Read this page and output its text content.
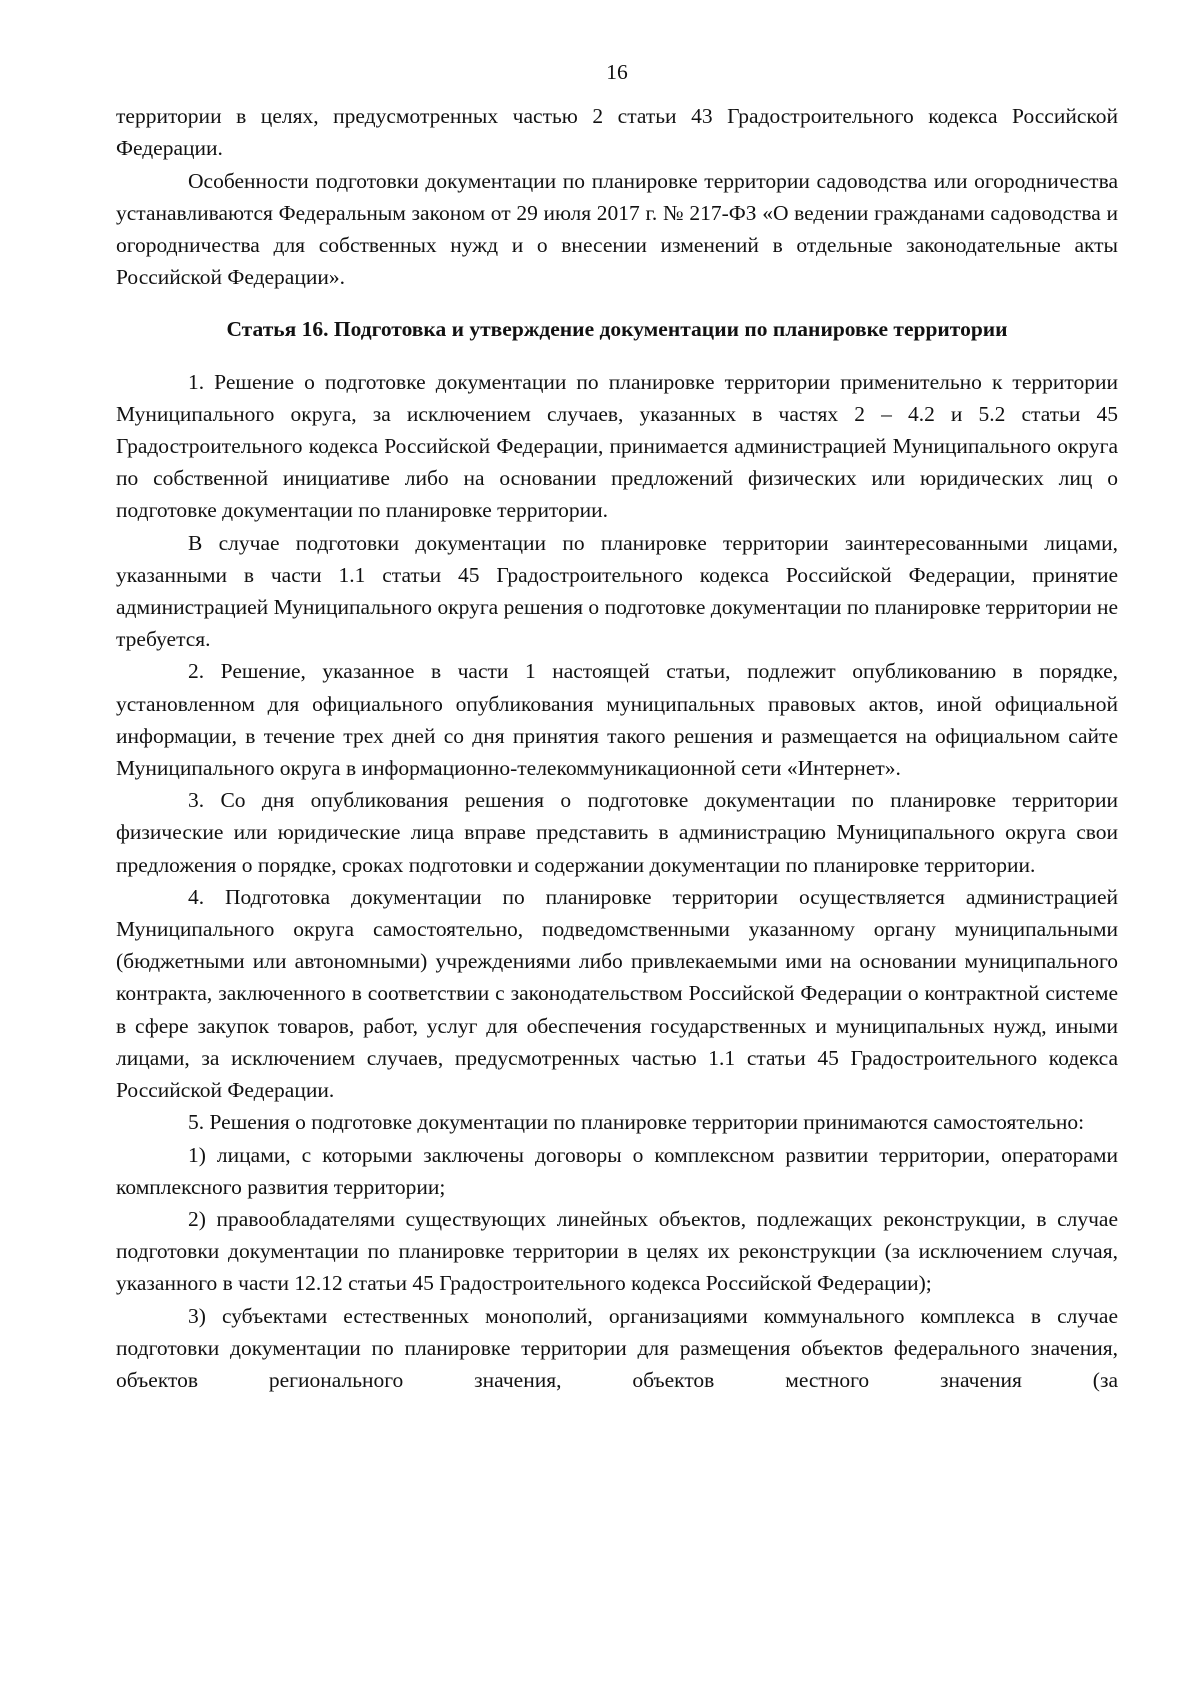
16

территории в целях, предусмотренных частью 2 статьи 43 Градостроительного кодекса Российской Федерации.

Особенности подготовки документации по планировке территории садоводства или огородничества устанавливаются Федеральным законом от 29 июля 2017 г. № 217-ФЗ «О ведении гражданами садоводства и огородничества для собственных нужд и о внесении изменений в отдельные законодательные акты Российской Федерации».

Статья 16. Подготовка и утверждение документации по планировке территории

1. Решение о подготовке документации по планировке территории применительно к территории Муниципального округа, за исключением случаев, указанных в частях 2 – 4.2 и 5.2 статьи 45 Градостроительного кодекса Российской Федерации, принимается администрацией Муниципального округа по собственной инициативе либо на основании предложений физических или юридических лиц о подготовке документации по планировке территории.

В случае подготовки документации по планировке территории заинтересованными лицами, указанными в части 1.1 статьи 45 Градостроительного кодекса Российской Федерации, принятие администрацией Муниципального округа решения о подготовке документации по планировке территории не требуется.

2. Решение, указанное в части 1 настоящей статьи, подлежит опубликованию в порядке, установленном для официального опубликования муниципальных правовых актов, иной официальной информации, в течение трех дней со дня принятия такого решения и размещается на официальном сайте Муниципального округа в информационно-телекоммуникационной сети «Интернет».

3. Со дня опубликования решения о подготовке документации по планировке территории физические или юридические лица вправе представить в администрацию Муниципального округа свои предложения о порядке, сроках подготовки и содержании документации по планировке территории.

4. Подготовка документации по планировке территории осуществляется администрацией Муниципального округа самостоятельно, подведомственными указанному органу муниципальными (бюджетными или автономными) учреждениями либо привлекаемыми ими на основании муниципального контракта, заключенного в соответствии с законодательством Российской Федерации о контрактной системе в сфере закупок товаров, работ, услуг для обеспечения государственных и муниципальных нужд, иными лицами, за исключением случаев, предусмотренных частью 1.1 статьи 45 Градостроительного кодекса Российской Федерации.

5. Решения о подготовке документации по планировке территории принимаются самостоятельно:

1) лицами, с которыми заключены договоры о комплексном развитии территории, операторами комплексного развития территории;

2) правообладателями существующих линейных объектов, подлежащих реконструкции, в случае подготовки документации по планировке территории в целях их реконструкции (за исключением случая, указанного в части 12.12 статьи 45 Градостроительного кодекса Российской Федерации);

3) субъектами естественных монополий, организациями коммунального комплекса в случае подготовки документации по планировке территории для размещения объектов федерального значения, объектов регионального значения, объектов местного значения (за
